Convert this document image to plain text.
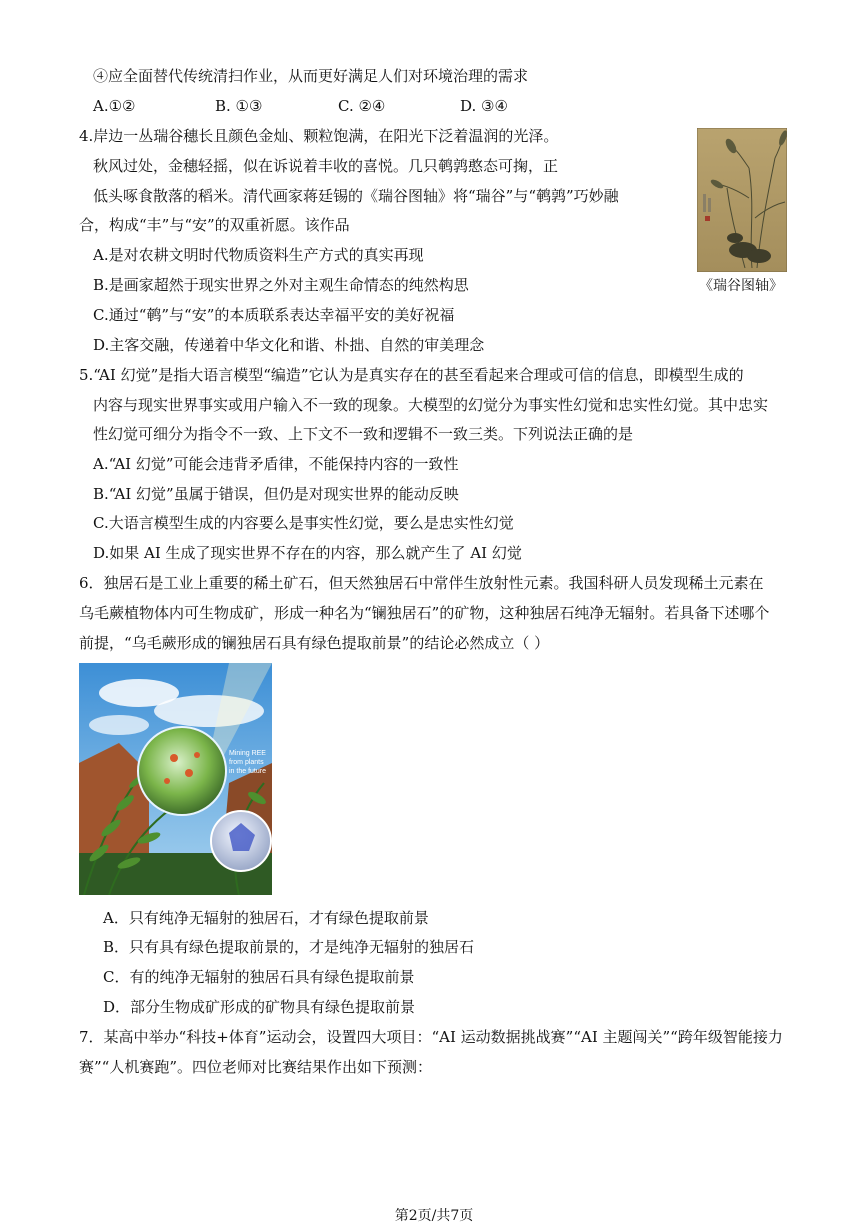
④应全面替代传统清扫作业，从而更好满足人们对环境治理的需求
A.①②	B. ①③	C. ②④	D. ③④
4.岸边一丛瑞谷穗长且颜色金灿、颗粒饱满，在阳光下泛着温润的光泽。
秋风过处，金穗轻摇，似在诉说着丰收的喜悦。几只鹌鹑憨态可掬，正
低头啄食散落的稻米。清代画家蒋廷锡的《瑞谷图轴》将“瑞谷”与“鹌鹑”巧妙融
合，构成“丰”与“安”的双重祈愿。该作品
A.是对农耕文明时代物质资料生产方式的真实再现
B.是画家超然于现实世界之外对主观生命情态的纯然构思
C.通过“鹌”与“安”的本质联系表达幸福平安的美好祝福
D.主客交融，传递着中华文化和谐、朴拙、自然的审美理念
《瑞谷图轴》
5.“AI 幻觉”是指大语言模型“编造”它认为是真实存在的甚至看起来合理或可信的信息，即模型生成的
内容与现实世界事实或用户输入不一致的现象。大模型的幻觉分为事实性幻觉和忠实性幻觉。其中忠实
性幻觉可细分为指令不一致、上下文不一致和逻辑不一致三类。下列说法正确的是
A.“AI 幻觉”可能会违背矛盾律，不能保持内容的一致性
B.“AI 幻觉”虽属于错误，但仍是对现实世界的能动反映
C.大语言模型生成的内容要么是事实性幻觉，要么是忠实性幻觉
D.如果 AI 生成了现实世界不存在的内容，那么就产生了 AI 幻觉
6．独居石是工业上重要的稀土矿石，但天然独居石中常伴生放射性元素。我国科研人员发现稀土元素在
乌毛蕨植物体内可生物成矿，形成一种名为“镧独居石”的矿物，这种独居石纯净无辐射。若具备下述哪个
前提，“乌毛蕨形成的镧独居石具有绿色提取前景”的结论必然成立（ ）
Mining REE
from plants
in the future
A．只有纯净无辐射的独居石，才有绿色提取前景
B．只有具有绿色提取前景的，才是纯净无辐射的独居石
C．有的纯净无辐射的独居石具有绿色提取前景
D．部分生物成矿形成的矿物具有绿色提取前景
7．某高中举办“科技+体育”运动会，设置四大项目：“AI 运动数据挑战赛”“AI 主题闯关”“跨年级智能接力
赛”“人机赛跑”。四位老师对比赛结果作出如下预测：
第2页/共7页
